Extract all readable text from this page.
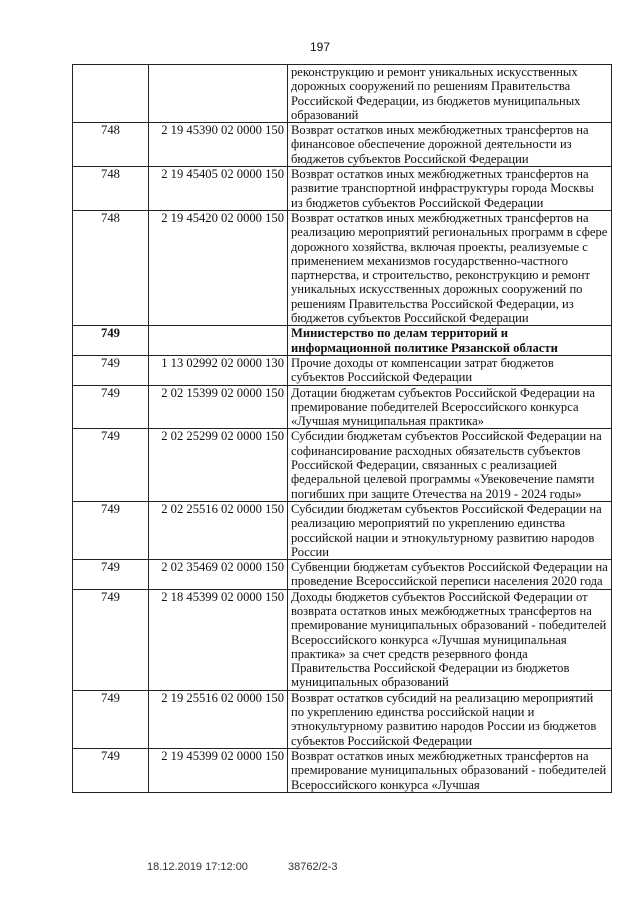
197
		реконструкцию и ремонт уникальных искусственных дорожных сооружений по решениям Правительства Российской Федерации, из бюджетов муниципальных образований
748	2 19 45390 02 0000 150	Возврат остатков иных межбюджетных трансфертов на финансовое обеспечение дорожной деятельности из бюджетов субъектов Российской Федерации
748	2 19 45405 02 0000 150	Возврат остатков иных межбюджетных трансфертов на развитие транспортной инфраструктуры города Москвы из бюджетов субъектов Российской Федерации
748	2 19 45420 02 0000 150	Возврат остатков иных межбюджетных трансфертов на реализацию мероприятий региональных программ в сфере дорожного хозяйства, включая проекты, реализуемые с применением механизмов государственно-частного партнерства, и строительство, реконструкцию и ремонт уникальных искусственных дорожных сооружений по решениям Правительства Российской Федерации, из бюджетов субъектов Российской Федерации
749		Министерство по делам территорий и информационной политике Рязанской области
749	1 13 02992 02 0000 130	Прочие доходы от компенсации затрат бюджетов субъектов Российской Федерации
749	2 02 15399 02 0000 150	Дотации бюджетам субъектов Российской Федерации на премирование победителей Всероссийского конкурса «Лучшая муниципальная практика»
749	2 02 25299 02 0000 150	Субсидии бюджетам субъектов Российской Федерации на софинансирование расходных обязательств субъектов Российской Федерации, связанных с реализацией федеральной целевой программы «Увековечение памяти погибших при защите Отечества на 2019 - 2024 годы»
749	2 02 25516 02 0000 150	Субсидии бюджетам субъектов Российской Федерации на реализацию мероприятий по укреплению единства российской нации и этнокультурному развитию народов России
749	2 02 35469 02 0000 150	Субвенции бюджетам субъектов Российской Федерации на проведение Всероссийской переписи населения 2020 года
749	2 18 45399 02 0000 150	Доходы бюджетов субъектов Российской Федерации от возврата остатков иных межбюджетных трансфертов на премирование муниципальных образований - победителей Всероссийского конкурса «Лучшая муниципальная практика» за счет средств резервного фонда Правительства Российской Федерации из бюджетов муниципальных образований
749	2 19 25516 02 0000 150	Возврат остатков субсидий на реализацию мероприятий по укреплению единства российской нации и этнокультурному развитию народов России из бюджетов субъектов Российской Федерации
749	2 19 45399 02 0000 150	Возврат остатков иных межбюджетных трансфертов на премирование муниципальных образований - победителей Всероссийского конкурса «Лучшая
18.12.2019 17:12:00	38762/2-3
